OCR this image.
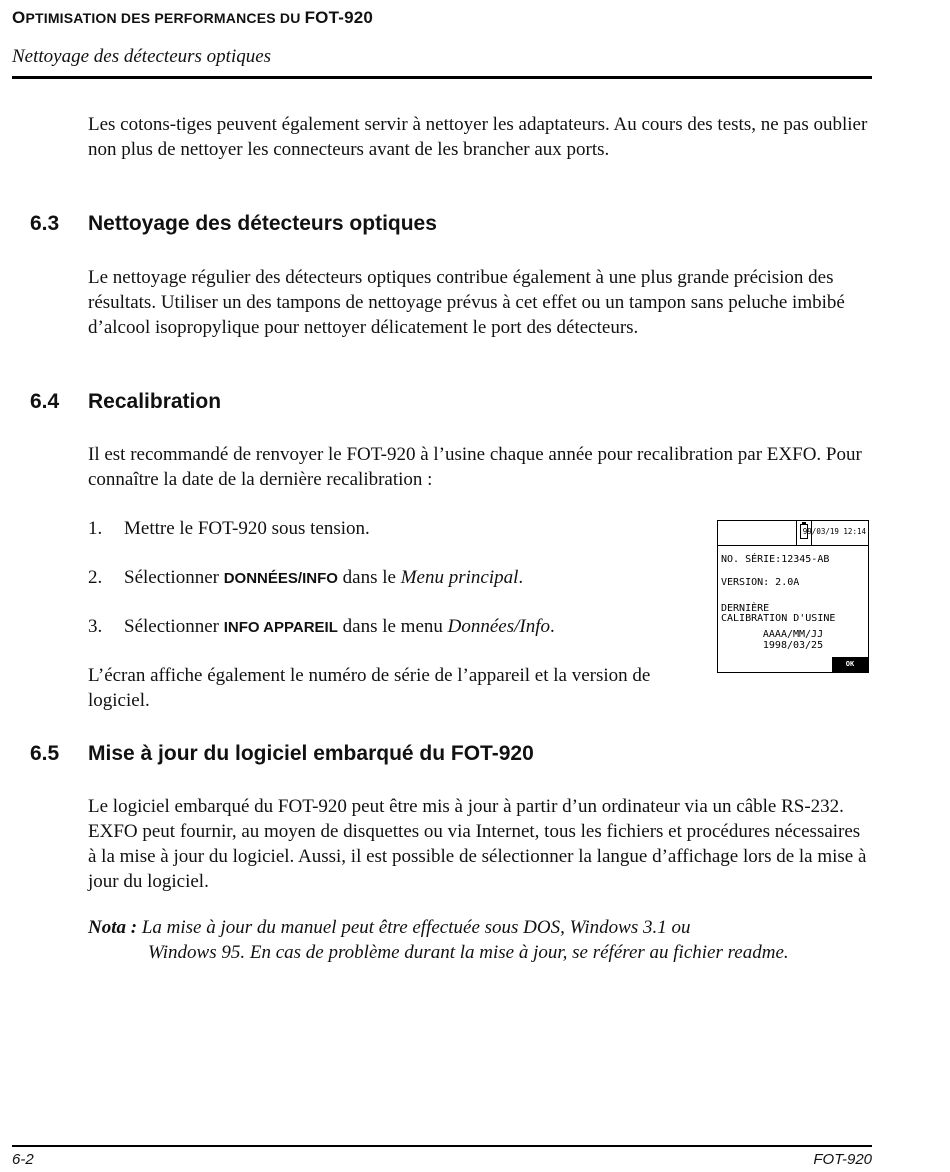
OPTIMISATION DES PERFORMANCES DU FOT-920
Nettoyage des détecteurs optiques

Les cotons-tiges peuvent également servir à nettoyer les adaptateurs. Au cours des tests, ne pas oublier non plus de nettoyer les connecteurs avant de les brancher aux ports.

6.3 Nettoyage des détecteurs optiques

Le nettoyage régulier des détecteurs optiques contribue également à une plus grande précision des résultats. Utiliser un des tampons de nettoyage prévus à cet effet ou un tampon sans peluche imbibé d’alcool isopropylique pour nettoyer délicatement le port des détecteurs.

6.4 Recalibration

Il est recommandé de renvoyer le FOT-920 à l’usine chaque année pour recalibration par EXFO. Pour connaître la date de la dernière recalibration :

1. Mettre le FOT-920 sous tension.
2. Sélectionner DONNÉES/INFO dans le Menu principal.
3. Sélectionner INFO APPAREIL dans le menu Données/Info.

L’écran affiche également le numéro de série de l’appareil et la version de logiciel.

99/03/19 12:14
NO. SÉRIE:12345-AB
VERSION: 2.0A
DERNIÈRE
CALIBRATION D'USINE
AAAA/MM/JJ
1998/03/25
OK
6.5 Mise à jour du logiciel embarqué du FOT-920

Le logiciel embarqué du FOT-920 peut être mis à jour à partir d’un ordinateur via un câble RS-232. EXFO peut fournir, au moyen de disquettes ou via Internet, tous les fichiers et procédures nécessaires à la mise à jour du logiciel. Aussi, il est possible de sélectionner la langue d’affichage lors de la mise à jour du logiciel.

Nota : La mise à jour du manuel peut être effectuée sous DOS, Windows 3.1 ou
Windows 95. En cas de problème durant la mise à jour, se référer au fichier readme.
6-2	FOT-920
